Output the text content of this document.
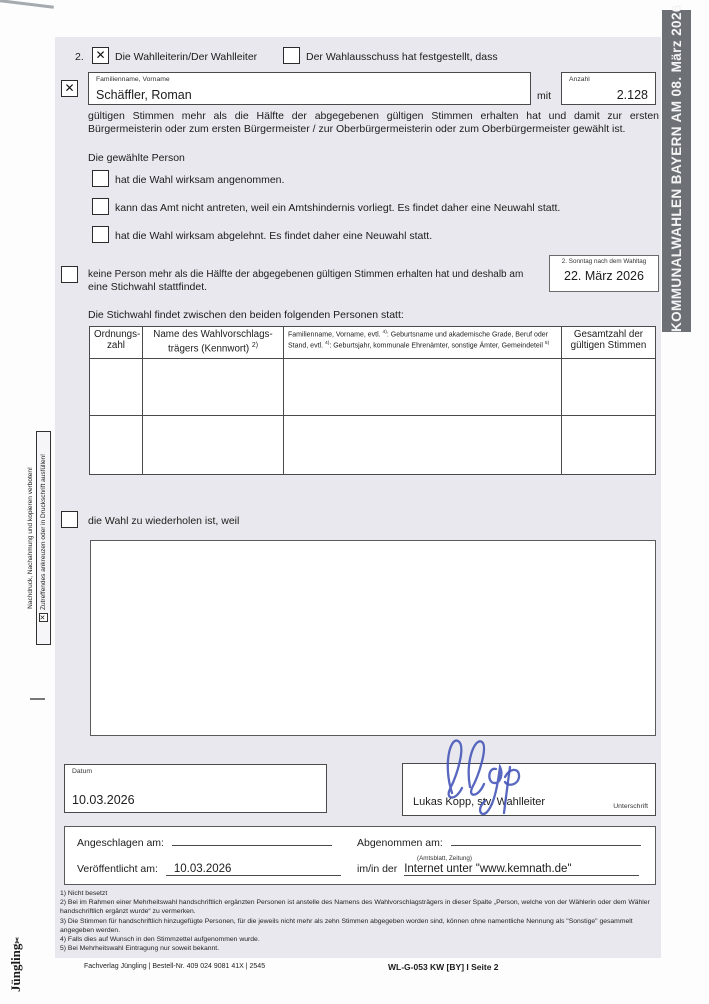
KOMMUNALWAHLEN BAYERN AM 08. März 2026
Nachdruck, Nachahmung und kopieren verboten!
✕Zutreffendes ankreuzen oder in Druckschrift ausfüllen!
2. ✕ Die Wahlleiterin/Der Wahlleiter	Der Wahlausschuss hat festgestellt, dass
✕
Familienname, Vorname
Schäffler, Roman	mit
Anzahl
2.128
gültigen Stimmen mehr als die Hälfte der abgegebenen gültigen Stimmen erhalten hat und damit zur ersten Bürgermeisterin oder zum ersten Bürgermeister / zur Oberbürgermeisterin oder zum Oberbürgermeister gewählt ist.
Die gewählte Person
hat die Wahl wirksam angenommen.
kann das Amt nicht antreten, weil ein Amtshindernis vorliegt. Es findet daher eine Neuwahl statt.
hat die Wahl wirksam abgelehnt. Es findet daher eine Neuwahl statt.
keine Person mehr als die Hälfte der abgegebenen gültigen Stimmen erhalten hat und deshalb am
eine Stichwahl stattfindet.
2. Sonntag nach dem Wahltag
22. März 2026
Die Stichwahl findet zwischen den beiden folgenden Personen statt:
Ordnungs-
zahl	Name des Wahlvorschlags-
trägers (Kennwort) $^{2)}$	Familienname, Vorname, evtl. $^{4)}$: Geburtsname und akademische Grade, Beruf oder Stand, evtl. $^{4)}$: Geburtsjahr, kommunale Ehrenämter, sonstige Ämter, Gemeindeteil $^{5)}$	Gesamtzahl der
gültigen Stimmen

die Wahl zu wiederholen ist, weil
Datum
10.03.2026	Lukas Kopp, stv. Wahlleiter	Unterschrift
Angeschlagen am:	Abgenommen am:
Veröffentlicht am: 10.03.2026
(Amtsblatt, Zeitung)
im/in der Internet unter "www.kemnath.de"
1) Nicht besetzt
2) Bei im Rahmen einer Mehrheitswahl handschriftlich ergänzten Personen ist anstelle des Namens des Wahlvorschlagsträgers in dieser Spalte „Person, welche von der Wählerin oder dem Wähler handschriftlich ergänzt wurde“ zu vermerken.
3) Die Stimmen für handschriftlich hinzugefügte Personen, für die jeweils nicht mehr als zehn Stimmen abgegeben worden sind, können ohne namentliche Nennung als "Sonstige" gesammelt angegeben werden.
4) Falls dies auf Wunsch in den Stimmzettel aufgenommen wurde.
5) Bei Mehrheitswahl Eintragung nur soweit bekannt.
Jüngling✂
Fachverlag Jüngling | Bestell-Nr. 409 024 9081 41X | 2545	WL-G-053 KW [BY] I Seite 2
